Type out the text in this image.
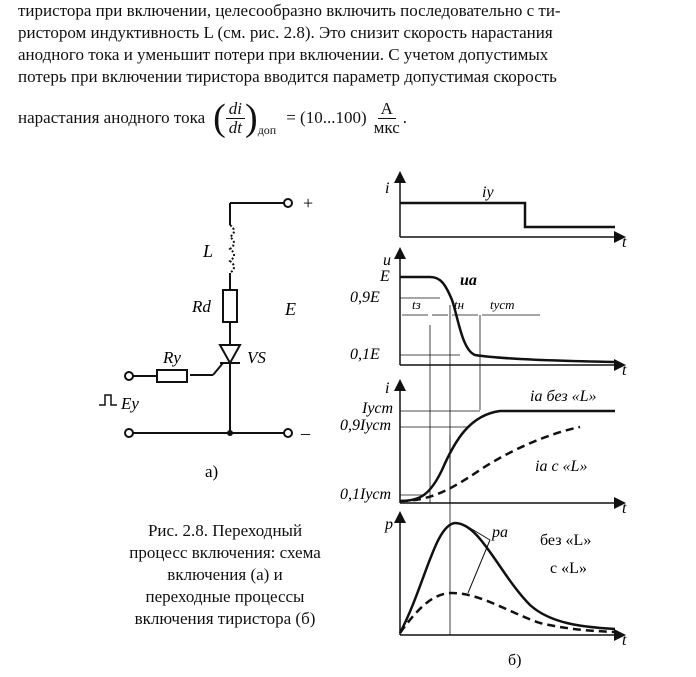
тиристора при включении, целесообразно включить последовательно с ти-
ристором индуктивность L (см. рис. 2.8). Это снизит скорость нарастания
анодного тока и уменьшит потери при включении. С учетом допустимых
потерь при включении тиристора вводится параметр допустимая скорость
нарастания анодного тока ( $\frac{di}{dt}$ ) доп
= $(10...100) \frac{A}{\text{мкс}}$ .
+
–
L
Rd
Rу	VS
E
Eу
а)
Рис. 2.8. Переходный
процесс включения: схема
включения (а) и
переходные процессы
включения тиристора (б)
i	iу
t
u
E
0,9E
0,1E
ua
tз	tн tуст
t
i
Iуст
0,9Iуст
0,1Iуст
ia без «L»
ia с «L»
t
p	pa без «L»
с «L»
t
б)
